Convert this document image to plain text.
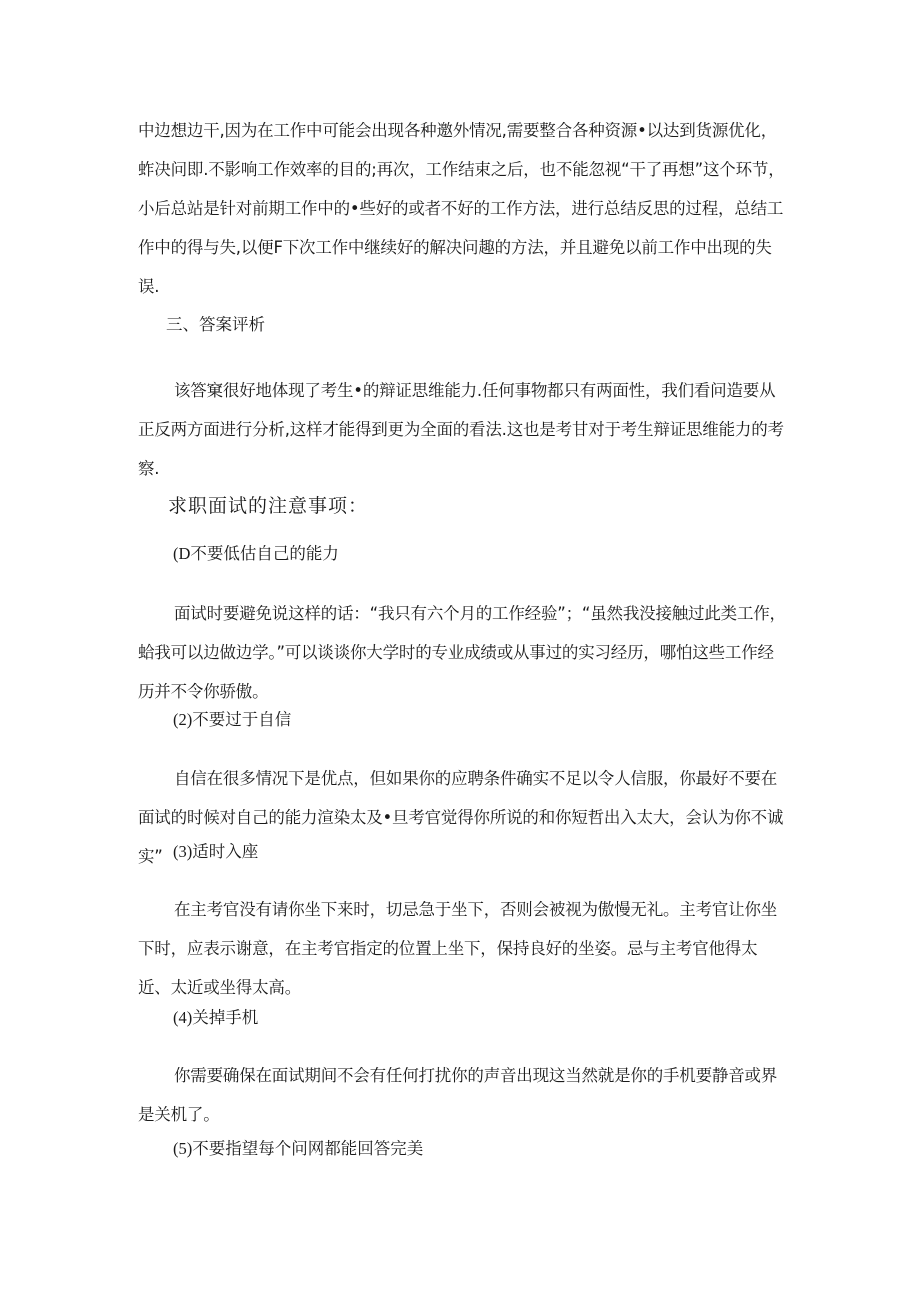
中边想边干,因为在工作中可能会出现各种邀外情况,需要整合各种资源•以达到货源优化，蚱决问即.不影响工作效率的目的;再次，工作结束之后，也不能忽视“干了再想”这个环节，小后总站是针对前期工作中的•些好的或者不好的工作方法，进行总结反思的过程，总结工作中的得与失,以便F下次工作中继续好的解决问趣的方法，并且避免以前工作中出现的失误.

三、答案评析

该答窠很好地体现了考生•的辩证思维能力.任何事物都只有两面性，我们看问造要从正反两方面进行分析,这样才能得到更为全面的看法.这也是考甘对于考生辩证思维能力的考察.

求职面试的注意事项：

(D不要低估自己的能力

面试时要避免说这样的话：“我只有六个月的工作经验”；“虽然我没接触过此类工作，蛤我可以边做边学。”可以谈谈你大学时的专业成绩或从事过的实习经历，哪怕这些工作经历并不令你骄傲。

(2)不要过于自信

自信在很多情况下是优点，但如果你的应聘条件确实不足以令人信服，你最好不要在面试的时候对自己的能力渲染太及•旦考官觉得你所说的和你短哲出入太大，会认为你不诚实” (3)适时入座

在主考官没有请你坐下来时，切忌急于坐下，否则会被视为傲慢无礼。主考官让你坐下时，应表示谢意，在主考官指定的位置上坐下，保持良好的坐姿。忌与主考官他得太近、太近或坐得太高。

(4)关掉手机

你需要确保在面试期间不会有任何打扰你的声音出现这当然就是你的手机要静音或界是关机了。

(5)不要指望每个问网都能回答完美
